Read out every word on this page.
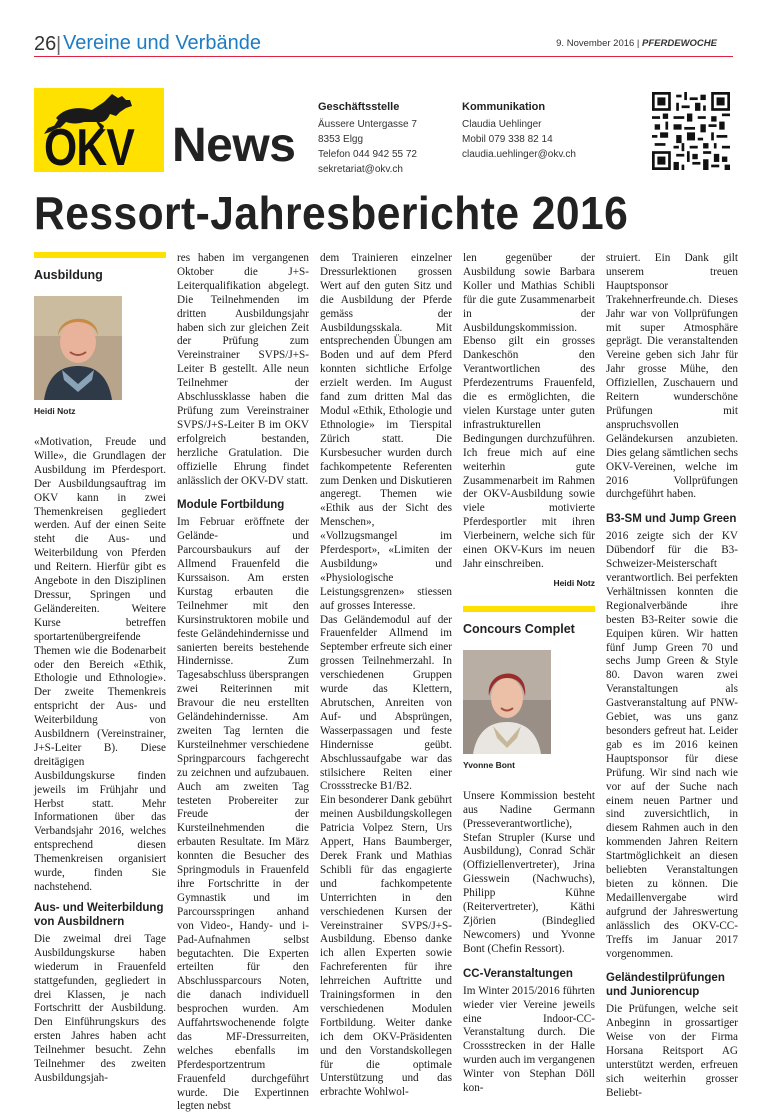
26 | Vereine und Verbände	9. November 2016 | PFERDEWOCHE
OKV News
Geschäftsstelle
Äussere Untergasse 7
8353 Elgg
Telefon 044 942 55 72
sekretariat@okv.ch
Kommunikation
Claudia Uehlinger
Mobil 079 338 82 14
claudia.uehlinger@okv.ch
Ressort-Jahresberichte 2016
Ausbildung
Heidi Notz

«Motivation, Freude und Wille», die Grundlagen der Ausbildung im Pferdesport. Der Ausbildungsauftrag im OKV kann in zwei Themenkreisen gegliedert werden. Auf der einen Seite steht die Aus- und Weiterbildung von Pferden und Reitern. Hierfür gibt es Angebote in den Disziplinen Dressur, Springen und Geländereiten. Weitere Kurse betreffen sportartenübergreifende Themen wie die Bodenarbeit oder den Bereich «Ethik, Ethologie und Ethnologie». Der zweite Themenkreis entspricht der Aus- und Weiterbildung von Ausbildnern (Vereinstrainer, J+S-Leiter B). Diese dreitägigen Ausbildungskurse finden jeweils im Frühjahr und Herbst statt. Mehr Informationen über das Verbandsjahr 2016, welches entsprechend diesen Themenkreisen organisiert wurde, finden Sie nachstehend.

Aus- und Weiterbildung von Ausbildnern

Die zweimal drei Tage Ausbildungskurse haben wiederum in Frauenfeld stattgefunden, gegliedert in drei Klassen, je nach Fortschritt der Ausbildung. Den Einführungskurs des ersten Jahres haben acht Teilnehmer besucht. Zehn Teilnehmer des zweiten Ausbildungsjah-

res haben im vergangenen Oktober die J+S-Leiterqualifikation abgelegt. Die Teilnehmenden im dritten Ausbildungsjahr haben sich zur gleichen Zeit der Prüfung zum Vereinstrainer SVPS/J+S-Leiter B gestellt. Alle neun Teilnehmer der Abschlussklasse haben die Prüfung zum Vereinstrainer SVPS/J+S-Leiter B im OKV erfolgreich bestanden, herzliche Gratulation. Die offizielle Ehrung findet anlässlich der OKV-DV statt.

Module Fortbildung

Im Februar eröffnete der Gelände- und Parcoursbaukurs auf der Allmend Frauenfeld die Kurssaison. Am ersten Kurstag erbauten die Teilnehmer mit den Kursinstruktoren mobile und feste Geländehindernisse und sanierten bereits bestehende Hindernisse. Zum Tagesabschluss übersprangen zwei Reiterinnen mit Bravour die neu erstellten Geländehindernisse. Am zweiten Tag lernten die Kursteilnehmer verschiedene Springparcours fachgerecht zu zeichnen und aufzubauen. Auch am zweiten Tag testeten Probereiter zur Freude der Kursteilnehmenden die erbauten Resultate. Im März konnten die Besucher des Springmoduls in Frauenfeld ihre Fortschritte in der Gymnastik und im Parcoursspringen anhand von Video-, Handy- und i-Pad-Aufnahmen selbst begutachten. Die Experten erteilten für den Abschlussparcours Noten, die danach individuell besprochen wurden. Am Auffahrtswochenende folgte das MF-Dressurreiten, welches ebenfalls im Pferdesportzentrum Frauenfeld durchgeführt wurde. Die Expertinnen legten nebst

dem Trainieren einzelner Dressurlektionen grossen Wert auf den guten Sitz und die Ausbildung der Pferde gemäss der Ausbildungsskala. Mit entsprechenden Übungen am Boden und auf dem Pferd konnten sichtliche Erfolge erzielt werden. Im August fand zum dritten Mal das Modul «Ethik, Ethologie und Ethnologie» im Tierspital Zürich statt. Die Kursbesucher wurden durch fachkompetente Referenten zum Denken und Diskutieren angeregt. Themen wie «Ethik aus der Sicht des Menschen», «Vollzugsmangel im Pferdesport», «Limiten der Ausbildung» und «Physiologische Leistungsgrenzen» stiessen auf grosses Interesse.

Das Geländemodul auf der Frauenfelder Allmend im September erfreute sich einer grossen Teilnehmerzahl. In verschiedenen Gruppen wurde das Klettern, Abrutschen, Anreiten von Auf- und Absprüngen, Wasserpassagen und feste Hindernisse geübt. Abschlussaufgabe war das stilsichere Reiten einer Crossstrecke B1/B2.

Ein besonderer Dank gebührt meinen Ausbildungskollegen Patricia Volpez Stern, Urs Appert, Hans Baumberger, Derek Frank und Mathias Schibli für das engagierte und fachkompetente Unterrichten in den verschiedenen Kursen der Vereinstrainer SVPS/J+S-Ausbildung. Ebenso danke ich allen Experten sowie Fachreferenten für ihre lehrreichen Auftritte und Trainingsformen in den verschiedenen Modulen Fortbildung. Weiter danke ich dem OKV-Präsidenten und den Vorstandskollegen für die optimale Unterstützung und das erbrachte Wohlwol-

len gegenüber der Ausbildung sowie Barbara Koller und Mathias Schibli für die gute Zusammenarbeit in der Ausbildungskommission. Ebenso gilt ein grosses Dankeschön den Verantwortlichen des Pferdezentrums Frauenfeld, die es ermöglichten, die vielen Kurstage unter guten infrastrukturellen Bedingungen durchzuführen. Ich freue mich auf eine weiterhin gute Zusammenarbeit im Rahmen der OKV-Ausbildung sowie viele motivierte Pferdesportler mit ihren Vierbeinern, welche sich für einen OKV-Kurs im neuen Jahr einschreiben.

Heidi Notz
Concours Complet
Yvonne Bont

Unsere Kommission besteht aus Nadine Germann (Presseverantwortliche), Stefan Strupler (Kurse und Ausbildung), Conrad Schär (Offiziellenvertreter), Jrina Giesswein (Nachwuchs), Philipp Kühne (Reitervertreter), Käthi Zjörien (Bindeglied Newcomers) und Yvonne Bont (Chefin Ressort).

CC-Veranstaltungen

Im Winter 2015/2016 führten wieder vier Vereine jeweils eine Indoor-CC-Veranstaltung durch. Die Crossstrecken in der Halle wurden auch im vergangenen Winter von Stephan Döll kon-

struiert. Ein Dank gilt unserem treuen Hauptsponsor Trakehnerfreunde.ch. Dieses Jahr war von Vollprüfungen mit super Atmosphäre geprägt. Die veranstaltenden Vereine geben sich Jahr für Jahr grosse Mühe, den Offiziellen, Zuschauern und Reitern wunderschöne Prüfungen mit anspruchsvollen Geländekursen anzubieten. Dies gelang sämtlichen sechs OKV-Vereinen, welche im 2016 Vollprüfungen durchgeführt haben.

B3-SM und Jump Green

2016 zeigte sich der KV Dübendorf für die B3-Schweizer-Meisterschaft verantwortlich. Bei perfekten Verhältnissen konnten die Regionalverbände ihre besten B3-Reiter sowie die Equipen küren. Wir hatten fünf Jump Green 70 und sechs Jump Green & Style 80. Davon waren zwei Veranstaltungen als Gastveranstaltung auf PNW-Gebiet, was uns ganz besonders gefreut hat. Leider gab es im 2016 keinen Hauptsponsor für diese Prüfung. Wir sind nach wie vor auf der Suche nach einem neuen Partner und sind zuversichtlich, in diesem Rahmen auch in den kommenden Jahren Reitern Startmöglichkeit an diesen beliebten Veranstaltungen bieten zu können. Die Medaillenvergabe wird aufgrund der Jahreswertung anlässlich des OKV-CC-Treffs im Januar 2017 vorgenommen.

Geländestilprüfungen und Juniorencup

Die Prüfungen, welche seit Anbeginn in grossartiger Weise von der Firma Horsana Reitsport AG unterstützt werden, erfreuen sich weiterhin grosser Beliebt-
